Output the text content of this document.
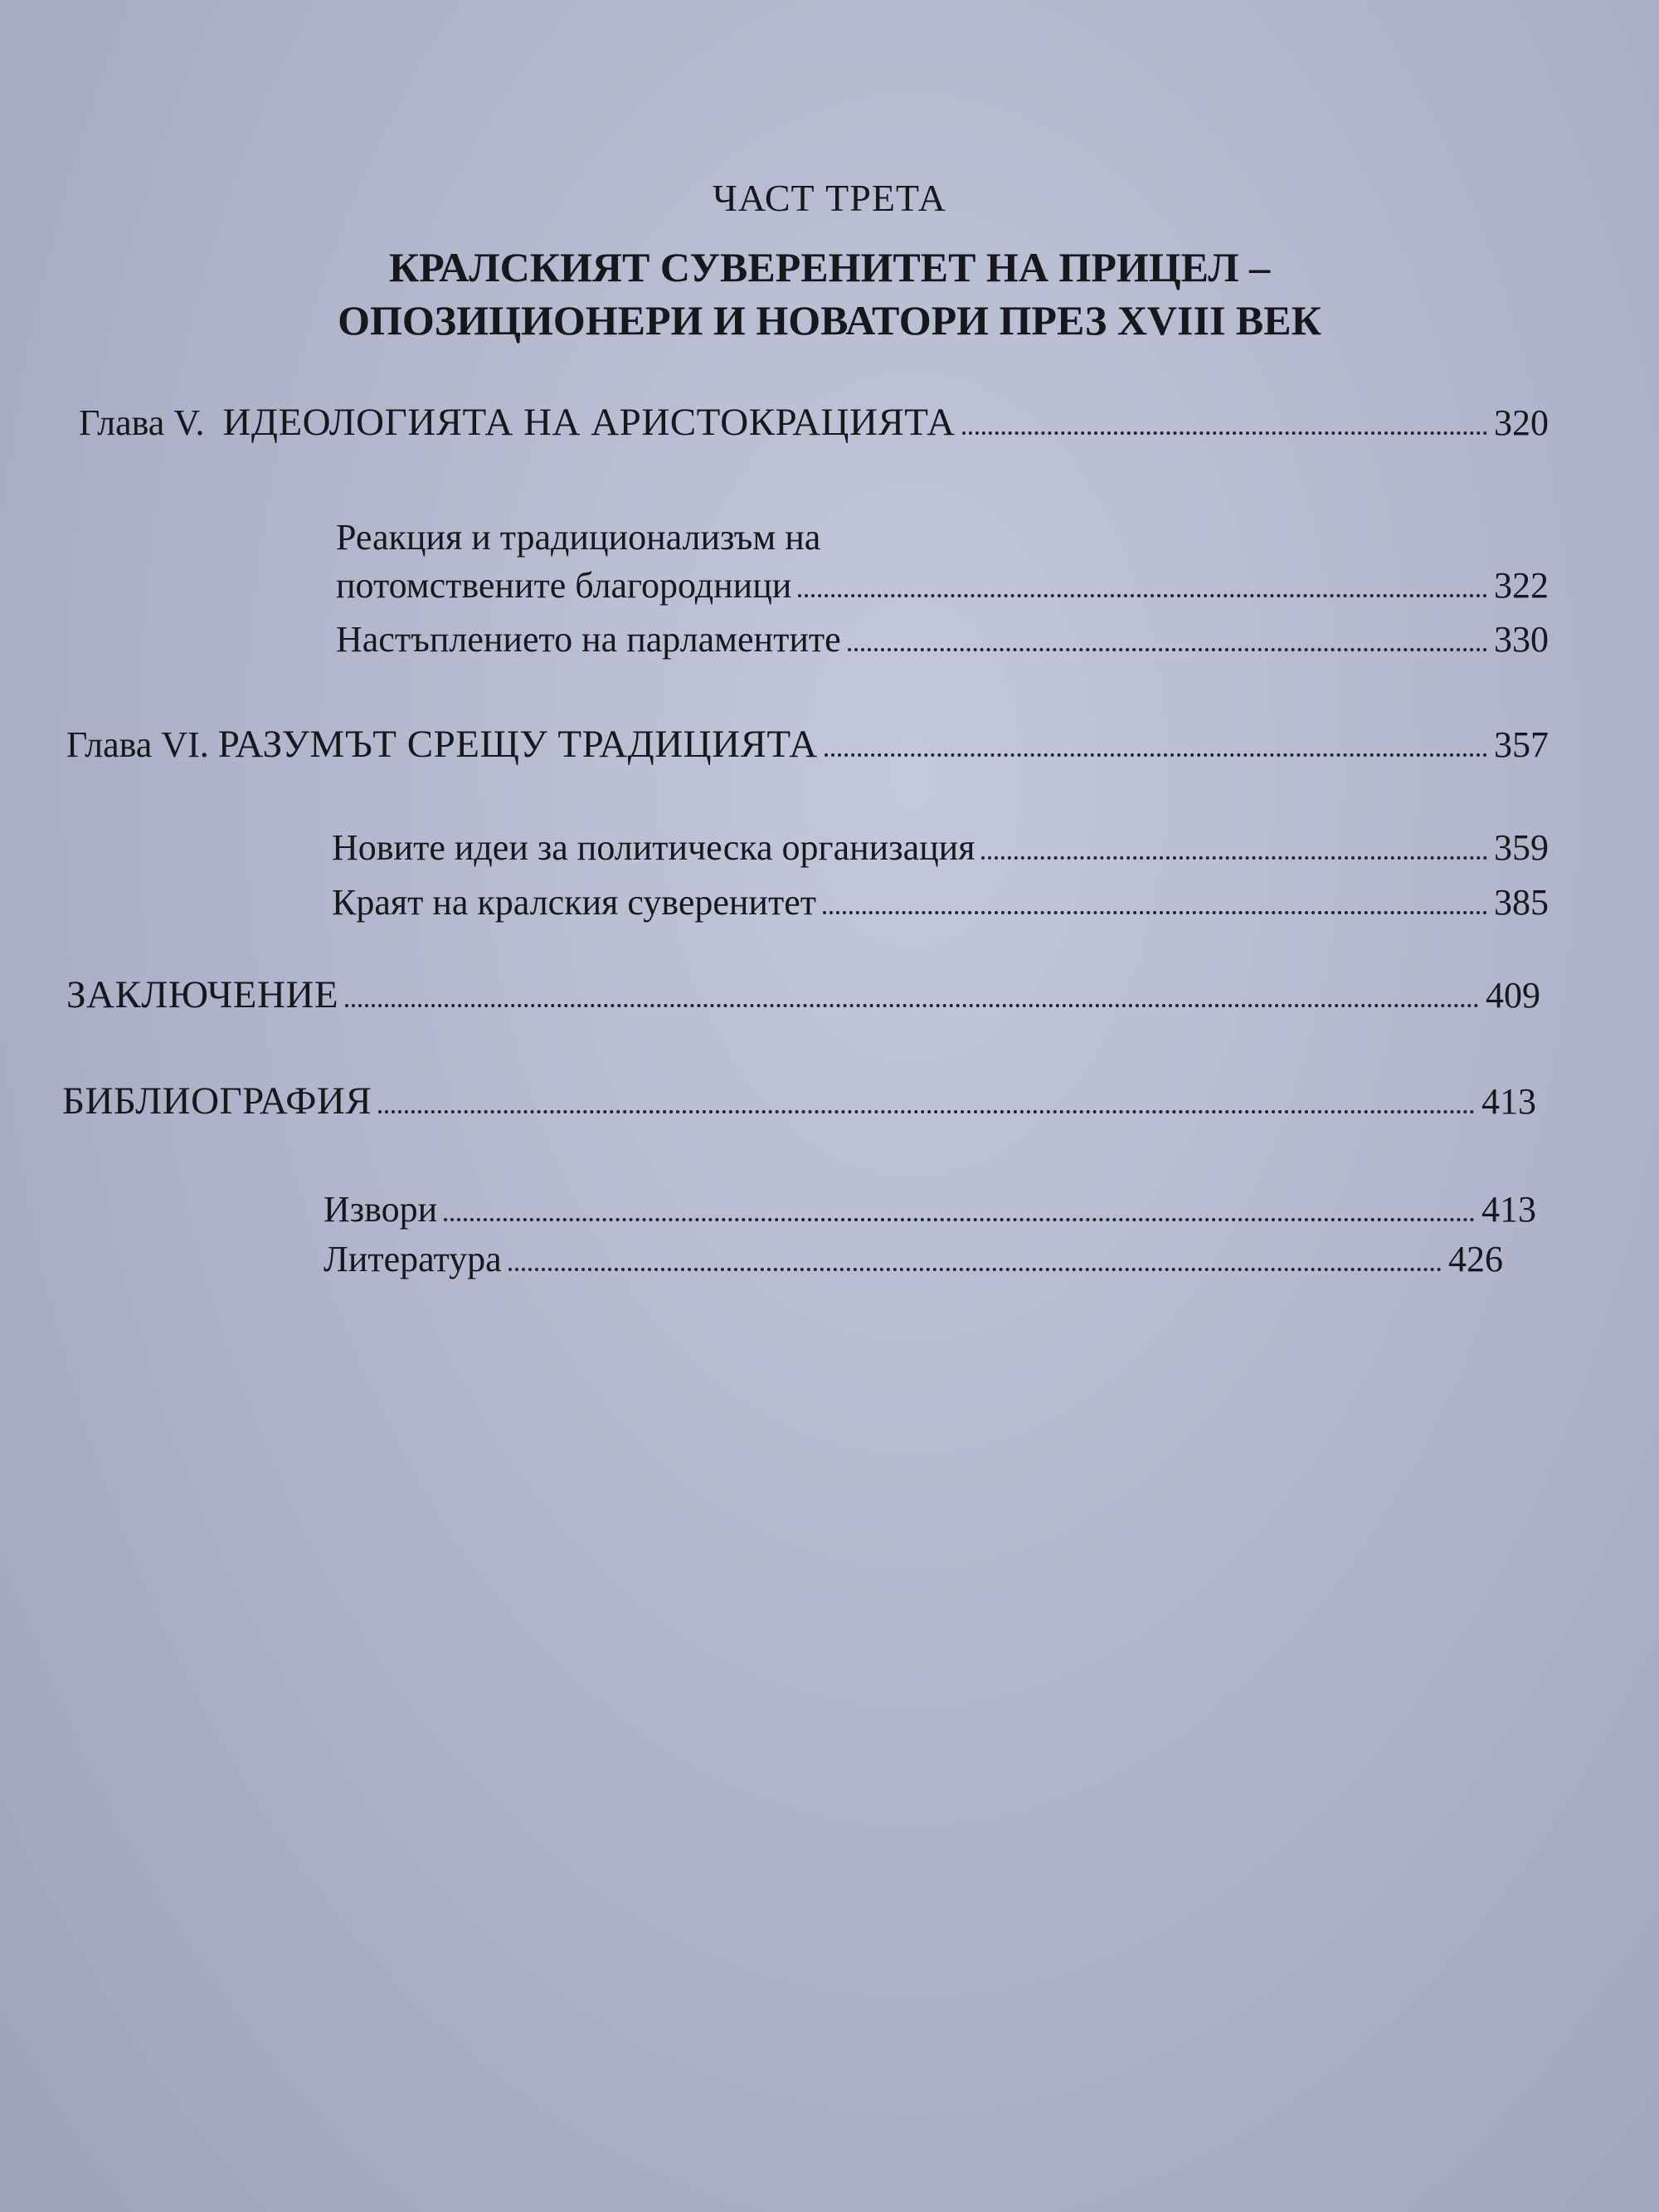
ЧАСТ ТРЕТА
КРАЛСКИЯТ СУВЕРЕНИТЕТ НА ПРИЦЕЛ –
ОПОЗИЦИОНЕРИ И НОВАТОРИ ПРЕЗ XVIII ВЕК
Глава V. ИДЕОЛОГИЯТА НА АРИСТОКРАЦИЯТА	320
Реакция и традиционализъм на
потомствените благородници	322
Настъплението на парламентите	330
Глава VI. РАЗУМЪТ СРЕЩУ ТРАДИЦИЯТА	357
Новите идеи за политическа организация	359
Краят на кралския суверенитет	385
ЗАКЛЮЧЕНИЕ	409
БИБЛИОГРАФИЯ	413
Извори	413
Литература	426
